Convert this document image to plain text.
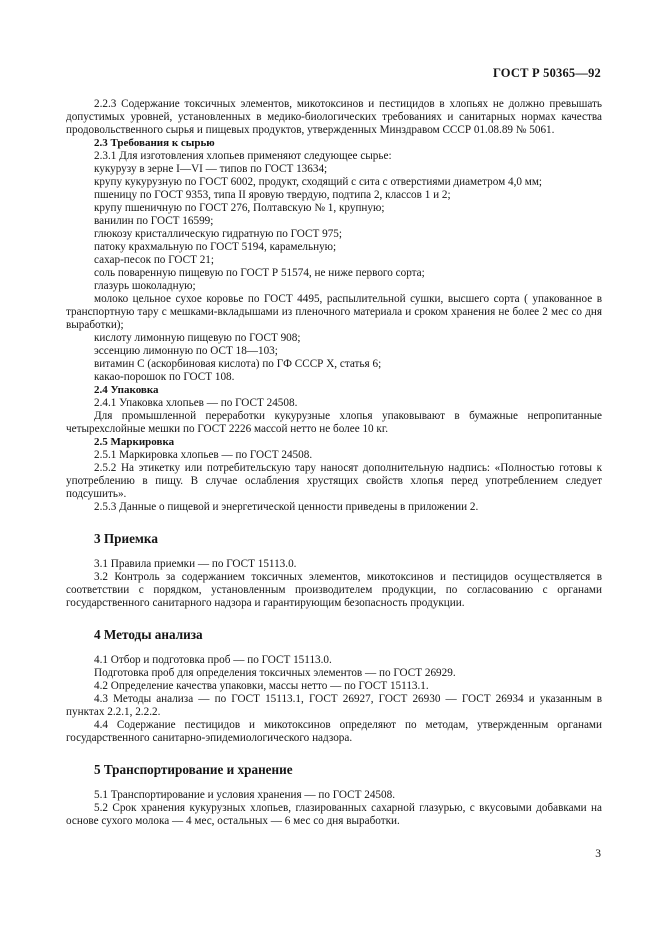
ГОСТ Р 50365—92

2.2.3 Содержание токсичных элементов, микотоксинов и пестицидов в хлопьях не должно превышать допустимых уровней, установленных в медико-биологических требованиях и санитарных нормах качества продовольственного сырья и пищевых продуктов, утвержденных Минздравом СССР 01.08.89 № 5061.

2.3 Требования к сырью

2.3.1 Для изготовления хлопьев применяют следующее сырье:

кукурузу в зерне I—VI — типов по ГОСТ 13634;

крупу кукурузную по ГОСТ 6002, продукт, сходящий с сита с отверстиями диаметром 4,0 мм;

пшеницу по ГОСТ 9353, типа II яровую твердую, подтипа 2, классов 1 и 2;

крупу пшеничную по ГОСТ 276, Полтавскую № 1, крупную;

ванилин по ГОСТ 16599;

глюкозу кристаллическую гидратную по ГОСТ 975;

патоку крахмальную по ГОСТ 5194, карамельную;

сахар-песок по ГОСТ 21;

соль поваренную пищевую по ГОСТ Р 51574, не ниже первого сорта;

глазурь шоколадную;

молоко цельное сухое коровье по ГОСТ 4495, распылительной сушки, высшего сорта ( упакованное в транспортную тару с мешками-вкладышами из пленочного материала и сроком хранения не более 2 мес со дня выработки);

кислоту лимонную пищевую по ГОСТ 908;

эссенцию лимонную по ОСТ 18—103;

витамин С (аскорбиновая кислота) по ГФ СССР X, статья 6;

какао-порошок по ГОСТ 108.

2.4 Упаковка

2.4.1 Упаковка хлопьев — по ГОСТ 24508.

Для промышленной переработки кукурузные хлопья упаковывают в бумажные непропитанные четырехслойные мешки по ГОСТ 2226 массой нетто не более 10 кг.

2.5 Маркировка

2.5.1 Маркировка хлопьев — по ГОСТ 24508.

2.5.2 На этикетку или потребительскую тару наносят дополнительную надпись: «Полностью готовы к употреблению в пищу. В случае ослабления хрустящих свойств хлопья перед употреблением следует подсушить».

2.5.3 Данные о пищевой и энергетической ценности приведены в приложении 2.

3 Приемка

3.1 Правила приемки — по ГОСТ 15113.0.

3.2 Контроль за содержанием токсичных элементов, микотоксинов и пестицидов осуществляется в соответствии с порядком, установленным производителем продукции, по согласованию с органами государственного санитарного надзора и гарантирующим безопасность продукции.

4 Методы анализа

4.1 Отбор и подготовка проб — по ГОСТ 15113.0.

Подготовка проб для определения токсичных элементов — по ГОСТ 26929.

4.2 Определение качества упаковки, массы нетто — по ГОСТ 15113.1.

4.3 Методы анализа — по ГОСТ 15113.1, ГОСТ 26927, ГОСТ 26930 — ГОСТ 26934 и указанным в пунктах 2.2.1, 2.2.2.

4.4 Содержание пестицидов и микотоксинов определяют по методам, утвержденным органами государственного санитарно-эпидемиологического надзора.

5 Транспортирование и хранение

5.1 Транспортирование и условия хранения — по ГОСТ 24508.

5.2 Срок хранения кукурузных хлопьев, глазированных сахарной глазурью, с вкусовыми добавками на основе сухого молока — 4 мес, остальных — 6 мес со дня выработки.

3
